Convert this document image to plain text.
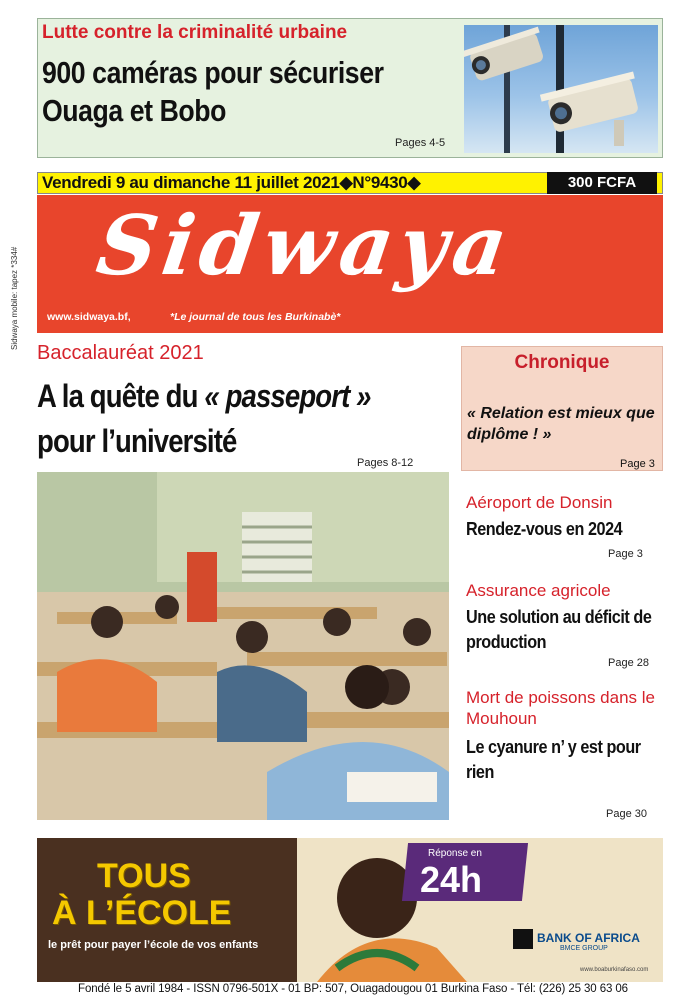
Lutte contre la criminalité urbaine
900 caméras pour sécuriser
Ouaga et Bobo
Pages 4-5
Sidwaya mobile: tapez *334#
Vendredi 9 au dimanche 11 juillet 2021◆N°9430◆	300 FCFA
Sidwaya
www.sidwaya.bf,	*Le journal de tous les Burkinabè*
Baccalauréat 2021
A la quête du « passeport »
pour l’université
Pages 8-12
Chronique
« Relation est mieux que diplôme ! »
Page 3
Aéroport de Donsin
Rendez-vous en 2024
Page 3
Assurance agricole
Une solution au déficit de production
Page 28
Mort de poissons dans le Mouhoun
Le cyanure n’ y est pour rien
Page 30
TOUS
À L’ÉCOLE
le prêt pour payer l’école de vos enfants
Réponse en
24h
BANK OF AFRICA
BMCE GROUP
www.boaburkinafaso.com
Fondé le 5 avril 1984 - ISSN 0796-501X - 01 BP: 507, Ouagadougou 01 Burkina Faso - Tél: (226) 25 30 63 06
